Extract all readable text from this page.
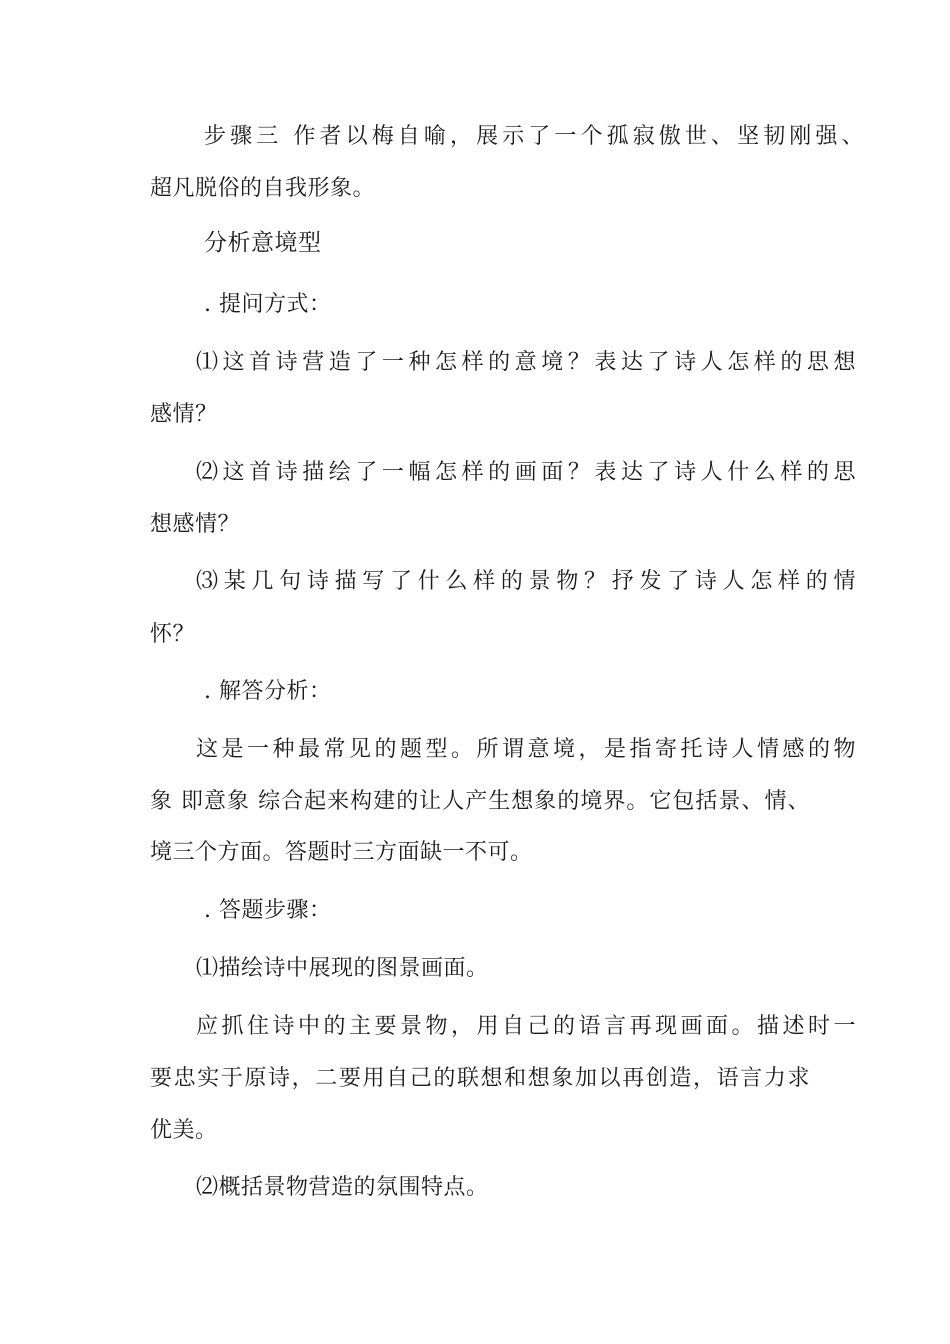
步骤三 作者以梅自喻，展示了一个孤寂傲世、坚韧刚强、
超凡脱俗的自我形象。
分析意境型
. 提问方式：
⑴这首诗营造了一种怎样的意境？表达了诗人怎样的思想
感情？
⑵这首诗描绘了一幅怎样的画面？表达了诗人什么样的思
想感情？
⑶某几句诗描写了什么样的景物？抒发了诗人怎样的情
怀？
. 解答分析：
这是一种最常见的题型。所谓意境，是指寄托诗人情感的物
象 即意象 综合起来构建的让人产生想象的境界。它包括景、情、
境三个方面。答题时三方面缺一不可。
. 答题步骤：
⑴描绘诗中展现的图景画面。
应抓住诗中的主要景物，用自己的语言再现画面。描述时一
要忠实于原诗，二要用自己的联想和想象加以再创造，语言力求
优美。
⑵概括景物营造的氛围特点。
